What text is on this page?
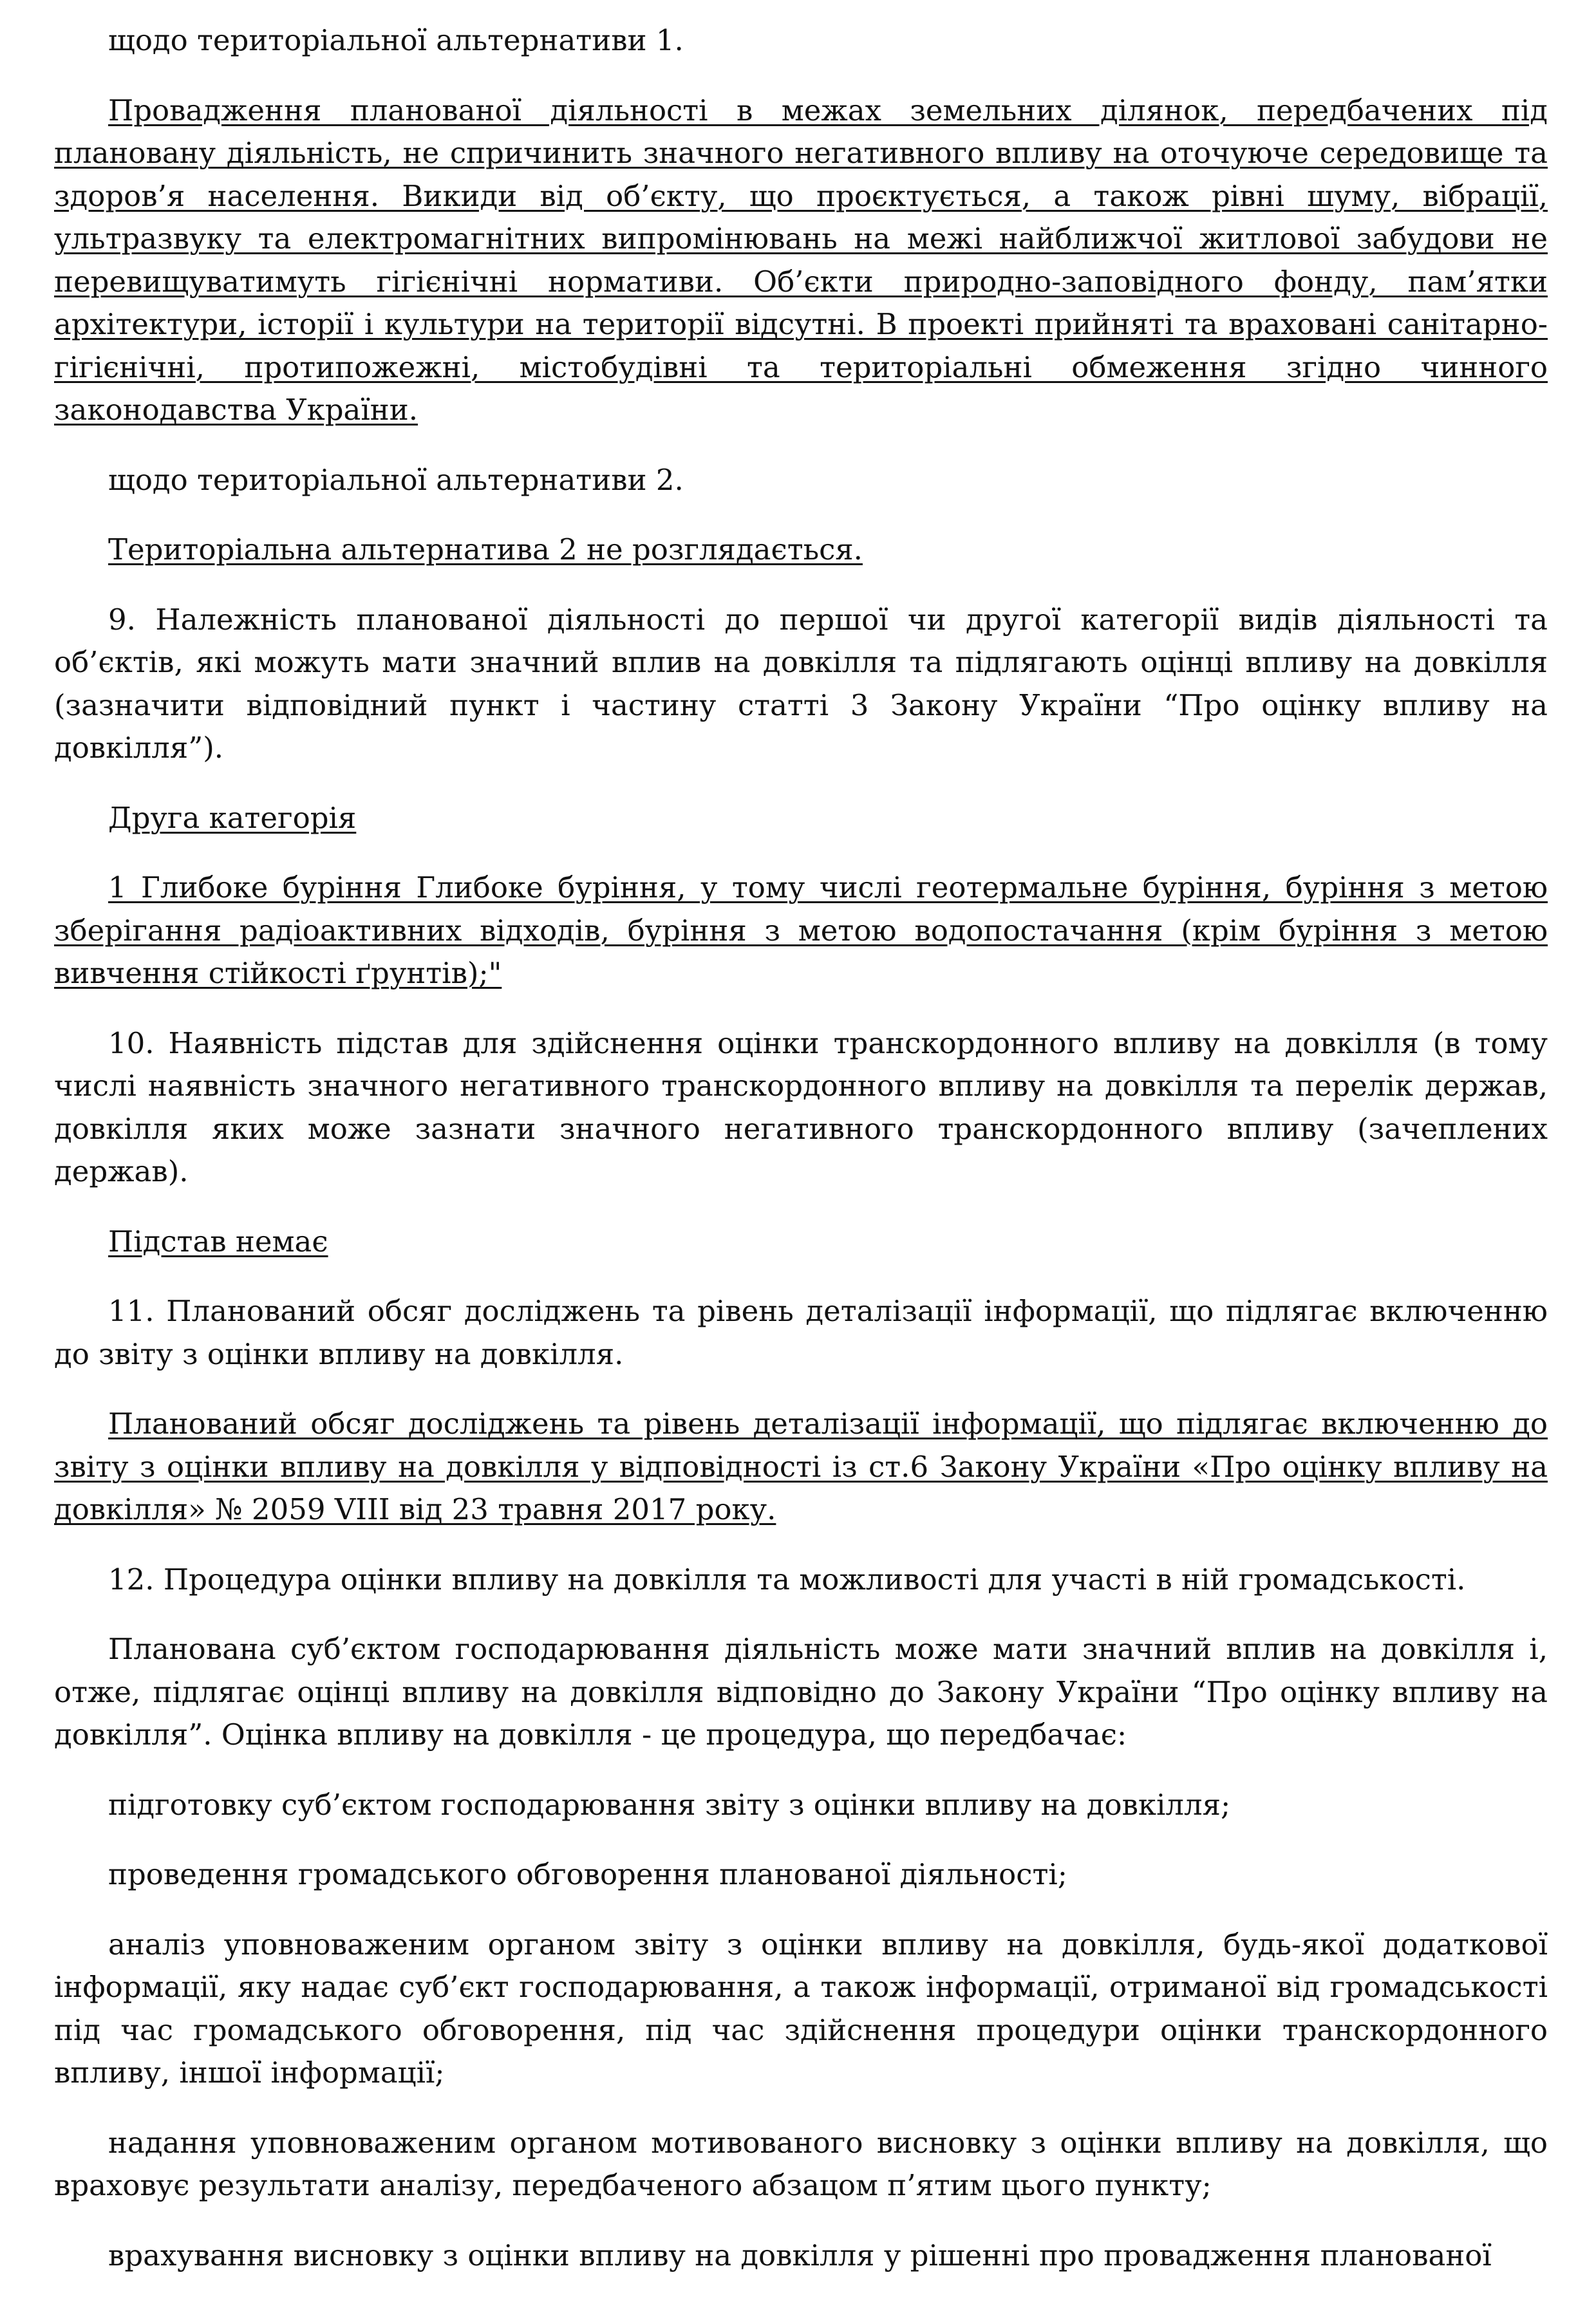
щодо територіальної альтернативи 1.

Провадження планованої діяльності в межах земельних ділянок, передбачених під плановану діяльність, не спричинить значного негативного впливу на оточуюче середовище та здоров’я населення. Викиди від об’єкту, що проєктується, а також рівні шуму, вібрації, ультразвуку та електромагнітних випромінювань на межі найближчої житлової забудови не перевищуватимуть гігієнічні нормативи. Об’єкти природно-заповідного фонду, пам’ятки архітектури, історії і культури на території відсутні. В проекті прийняті та враховані санітарно-гігієнічні, протипожежні, містобудівні та територіальні обмеження згідно чинного законодавства України.

щодо територіальної альтернативи 2.

Територіальна альтернатива 2 не розглядається.

9. Належність планованої діяльності до першої чи другої категорії видів діяльності та об’єктів, які можуть мати значний вплив на довкілля та підлягають оцінці впливу на довкілля (зазначити відповідний пункт і частину статті 3 Закону України “Про оцінку впливу на довкілля”).

Друга категорія

1 Глибоке буріння Глибоке буріння, у тому числі геотермальне буріння, буріння з метою зберігання радіоактивних відходів, буріння з метою водопостачання (крім буріння з метою вивчення стійкості ґрунтів);"

10. Наявність підстав для здійснення оцінки транскордонного впливу на довкілля (в тому числі наявність значного негативного транскордонного впливу на довкілля та перелік держав, довкілля яких може зазнати значного негативного транскордонного впливу (зачеплених держав).

Підстав немає

11. Планований обсяг досліджень та рівень деталізації інформації, що підлягає включенню до звіту з оцінки впливу на довкілля.

Планований обсяг досліджень та рівень деталізації інформації, що підлягає включенню до звіту з оцінки впливу на довкілля у відповідності із ст.6 Закону України «Про оцінку впливу на довкілля» № 2059 VIII від 23 травня 2017 року.

12. Процедура оцінки впливу на довкілля та можливості для участі в ній громадськості.

Планована суб’єктом господарювання діяльність може мати значний вплив на довкілля і, отже, підлягає оцінці впливу на довкілля відповідно до Закону України “Про оцінку впливу на довкілля”. Оцінка впливу на довкілля - це процедура, що передбачає:

підготовку суб’єктом господарювання звіту з оцінки впливу на довкілля;

проведення громадського обговорення планованої діяльності;

аналіз уповноваженим органом звіту з оцінки впливу на довкілля, будь-якої додаткової інформації, яку надає суб’єкт господарювання, а також інформації, отриманої від громадськості під час громадського обговорення, під час здійснення процедури оцінки транскордонного впливу, іншої інформації;

надання уповноваженим органом мотивованого висновку з оцінки впливу на довкілля, що враховує результати аналізу, передбаченого абзацом п’ятим цього пункту;

врахування висновку з оцінки впливу на довкілля у рішенні про провадження планованої
